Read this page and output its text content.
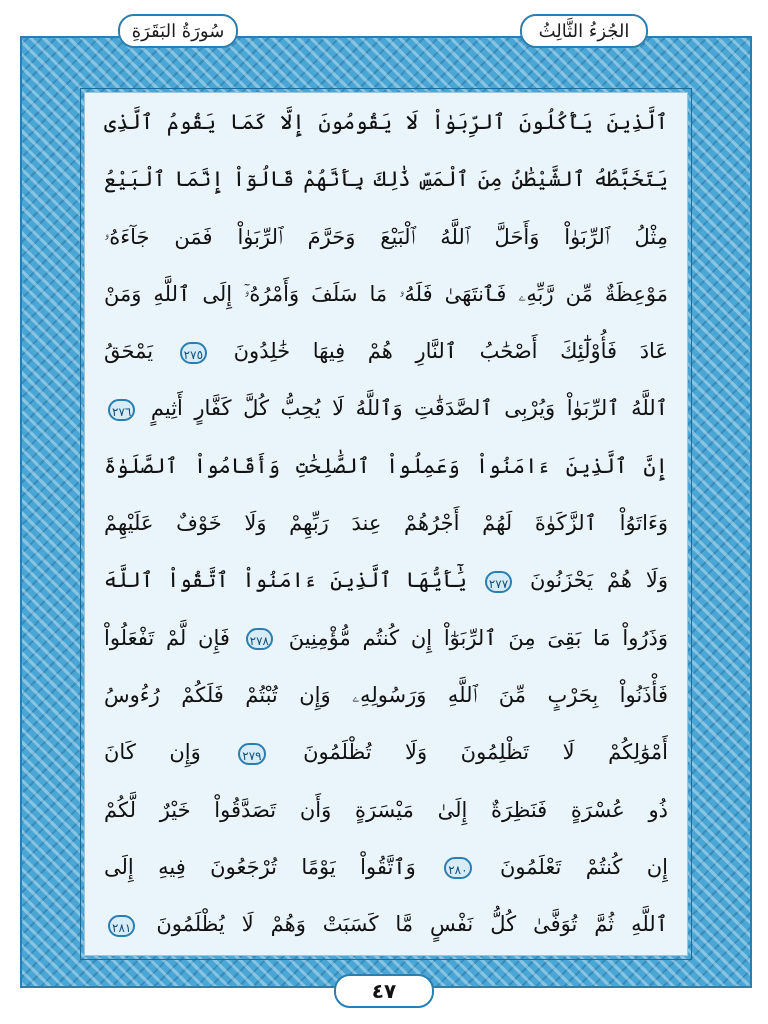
سُورَةُ البَقَرَةِ	الجُزءُ الثَّالِثُ
ٱلَّذِينَ يَأْكُلُونَ ٱلرِّبَوٰاْ لَا يَقُومُونَ إِلَّا كَمَا يَقُومُ ٱلَّذِى
يَتَخَبَّطُهُ ٱلشَّيْطَٰنُ مِنَ ٱلْمَسِّ ذَٰلِكَ بِأَنَّهُمْ قَالُوٓاْ إِنَّمَا ٱلْبَيْعُ
مِثْلُ ٱلرِّبَوٰاْ وَأَحَلَّ ٱللَّهُ ٱلْبَيْعَ وَحَرَّمَ ٱلرِّبَوٰاْ فَمَن جَآءَهُۥ
مَوْعِظَةٌ مِّن رَّبِّهِۦ فَٱنتَهَىٰ فَلَهُۥ مَا سَلَفَ وَأَمْرُهُۥٓ إِلَى ٱللَّهِ وَمَنْ
عَادَ فَأُوْلَٰٓئِكَ أَصْحَٰبُ ٱلنَّارِ هُمْ فِيهَا خَٰلِدُونَ ٢٧٥ يَمْحَقُ
ٱللَّهُ ٱلرِّبَوٰاْ وَيُرْبِى ٱلصَّدَقَٰتِ وَٱللَّهُ لَا يُحِبُّ كُلَّ كَفَّارٍ أَثِيمٍ ٢٧٦
إِنَّ ٱلَّذِينَ ءَامَنُواْ وَعَمِلُواْ ٱلصَّٰلِحَٰتِ وَأَقَامُواْ ٱلصَّلَوٰةَ
وَءَاتَوُاْ ٱلزَّكَوٰةَ لَهُمْ أَجْرُهُمْ عِندَ رَبِّهِمْ وَلَا خَوْفٌ عَلَيْهِمْ
وَلَا هُمْ يَحْزَنُونَ ٢٧٧ يَٰٓأَيُّهَا ٱلَّذِينَ ءَامَنُواْ ٱتَّقُواْ ٱللَّهَ
وَذَرُواْ مَا بَقِىَ مِنَ ٱلرِّبَوٰٓاْ إِن كُنتُم مُّؤْمِنِينَ ٢٧٨ فَإِن لَّمْ تَفْعَلُواْ
فَأْذَنُواْ بِحَرْبٍ مِّنَ ٱللَّهِ وَرَسُولِهِۦ وَإِن تُبْتُمْ فَلَكُمْ رُءُوسُ
أَمْوَٰلِكُمْ لَا تَظْلِمُونَ وَلَا تُظْلَمُونَ ٢٧٩ وَإِن كَانَ
ذُو عُسْرَةٍ فَنَظِرَةٌ إِلَىٰ مَيْسَرَةٍ وَأَن تَصَدَّقُواْ خَيْرٌ لَّكُمْ
إِن كُنتُمْ تَعْلَمُونَ ٢٨٠ وَٱتَّقُواْ يَوْمًا تُرْجَعُونَ فِيهِ إِلَى
ٱللَّهِ ثُمَّ تُوَفَّىٰ كُلُّ نَفْسٍ مَّا كَسَبَتْ وَهُمْ لَا يُظْلَمُونَ ٢٨١
٤٧
